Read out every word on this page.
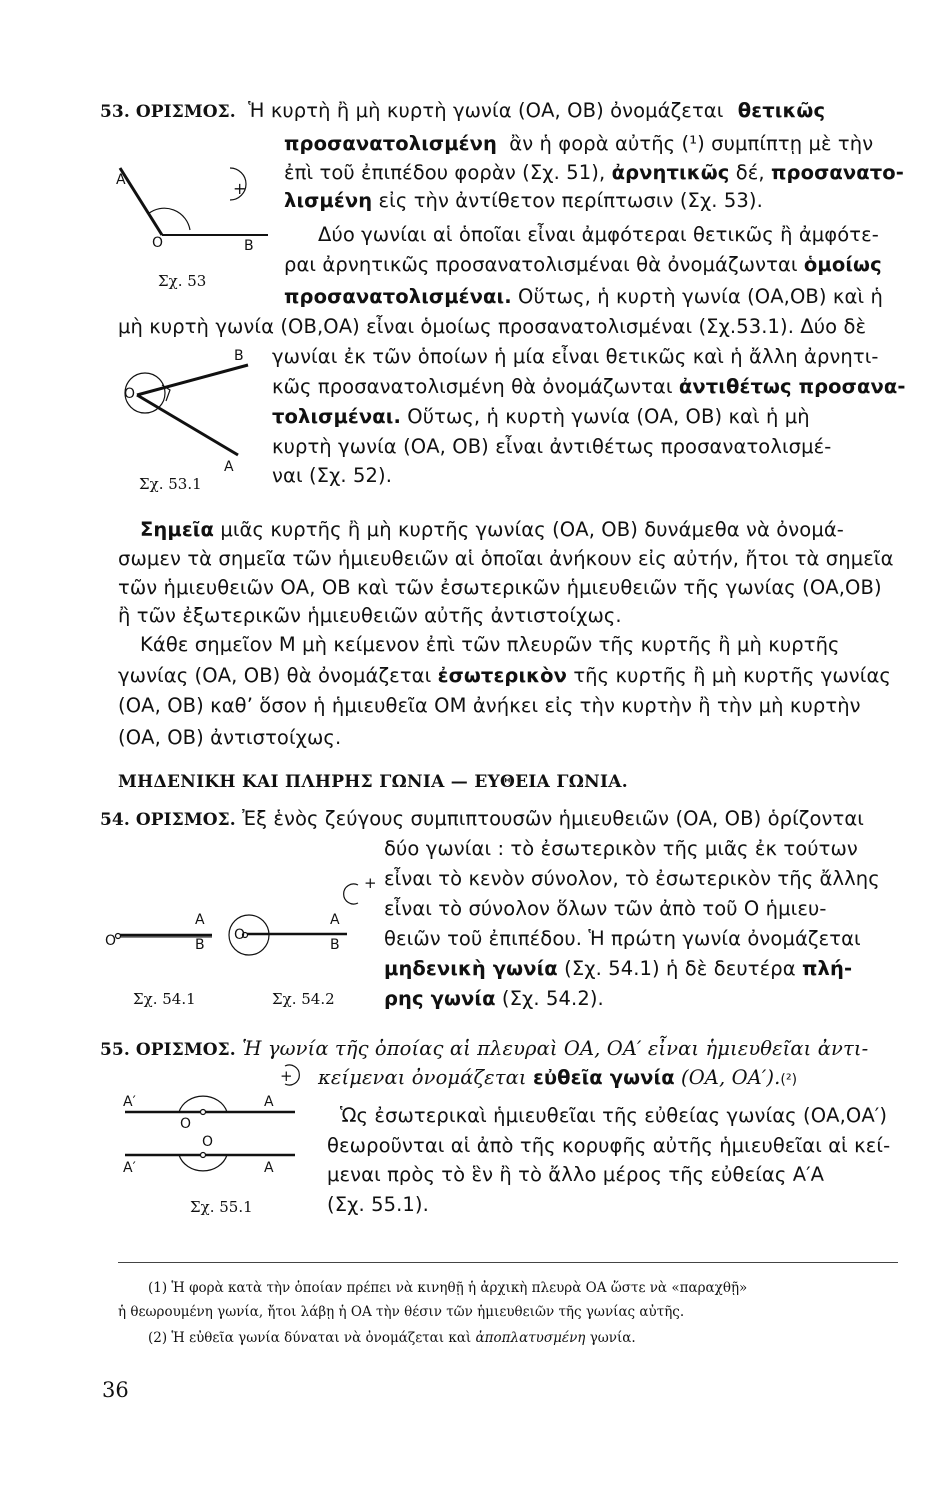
53. ΟΡΙΣΜΟΣ. Ἡ κυρτὴ ἢ μὴ κυρτὴ γωνία (ΟΑ, ΟΒ) ὀνομάζεται θετικῶς
προσανατολισμένη ἂν ἡ φορὰ αὐτῆς (¹) συμπίπτῃ μὲ τὴν
ἐπὶ τοῦ ἐπιπέδου φορὰν (Σχ. 51), ἀρνητικῶς δέ, προσανατο-
λισμένη εἰς τὴν ἀντίθετον περίπτωσιν (Σχ. 53).
Δύο γωνίαι αἱ ὁποῖαι εἶναι ἀμφότεραι θετικῶς ἢ ἀμφότε-
ραι ἀρνητικῶς προσανατολισμέναι θὰ ὀνομάζωνται ὁμοίως
προσανατολισμέναι. Οὕτως, ἡ κυρτὴ γωνία (ΟΑ,ΟΒ) καὶ ἡ
μὴ κυρτὴ γωνία (ΟΒ,ΟΑ) εἶναι ὁμοίως προσανατολισμέναι (Σχ.53.1). Δύο δὲ
γωνίαι ἐκ τῶν ὁποίων ἡ μία εἶναι θετικῶς καὶ ἡ ἄλλη ἀρνητι-
κῶς προσανατολισμένη θὰ ὀνομάζωνται ἀντιθέτως προσανα-
τολισμέναι. Οὕτως, ἡ κυρτὴ γωνία (ΟΑ, ΟΒ) καὶ ἡ μὴ
κυρτὴ γωνία (ΟΑ, ΟΒ) εἶναι ἀντιθέτως προσανατολισμέ-
ναι (Σχ. 52).
A
O	B
+
Σχ. 53
O
B
A
Σχ. 53.1
Σημεῖα μιᾶς κυρτῆς ἢ μὴ κυρτῆς γωνίας (ΟΑ, ΟΒ) δυνάμεθα νὰ ὀνομά-
σωμεν τὰ σημεῖα τῶν ἡμιευθειῶν αἱ ὁποῖαι ἀνήκουν εἰς αὐτήν, ἤτοι τὰ σημεῖα
τῶν ἡμιευθειῶν ΟΑ, ΟΒ καὶ τῶν ἐσωτερικῶν ἡμιευθειῶν τῆς γωνίας (ΟΑ,ΟΒ)
ἢ τῶν ἐξωτερικῶν ἡμιευθειῶν αὐτῆς ἀντιστοίχως.
Κάθε σημεῖον Μ μὴ κείμενον ἐπὶ τῶν πλευρῶν τῆς κυρτῆς ἢ μὴ κυρτῆς
γωνίας (ΟΑ, ΟΒ) θὰ ὀνομάζεται ἐσωτερικὸν τῆς κυρτῆς ἢ μὴ κυρτῆς γωνίας
(ΟΑ, ΟΒ) καθ’ ὅσον ἡ ἡμιευθεῖα ΟΜ ἀνήκει εἰς τὴν κυρτὴν ἢ τὴν μὴ κυρτὴν
(ΟΑ, ΟΒ) ἀντιστοίχως.
ΜΗΔΕΝΙΚΗ ΚΑΙ ΠΛΗΡΗΣ ΓΩΝΙΑ — ΕΥΘΕΙΑ ΓΩΝΙΑ.
54. ΟΡΙΣΜΟΣ. Ἐξ ἑνὸς ζεύγους συμπιπτουσῶν ἡμιευθειῶν (ΟΑ, ΟΒ) ὁρίζονται
δύο γωνίαι : τὸ ἐσωτερικὸν τῆς μιᾶς ἐκ τούτων
εἶναι τὸ κενὸν σύνολον, τὸ ἐσωτερικὸν τῆς ἄλλης
εἶναι τὸ σύνολον ὅλων τῶν ἀπὸ τοῦ Ο ἡμιευ-
θειῶν τοῦ ἐπιπέδου. Ἡ πρώτη γωνία ὀνομάζεται
μηδενικὴ γωνία (Σχ. 54.1) ἡ δὲ δευτέρα πλή-
ρης γωνία (Σχ. 54.2).
O
A
B
Σχ. 54.1
O
A
B
+
Σχ. 54.2
55. ΟΡΙΣΜΟΣ. Ἡ γωνία τῆς ὁποίας αἱ πλευραὶ ΟΑ, ΟΑ′ εἶναι ἡμιευθεῖαι ἀντι-
κείμεναι ὀνομάζεται εὐθεῖα γωνία (ΟΑ, ΟΑ′).(²)
Ὡς ἐσωτερικαὶ ἡμιευθεῖαι τῆς εὐθείας γωνίας (ΟΑ,ΟΑ′)
θεωροῦνται αἱ ἀπὸ τῆς κορυφῆς αὐτῆς ἡμιευθεῖαι αἱ κεί-
μεναι πρὸς τὸ ἓν ἢ τὸ ἄλλο μέρος τῆς εὐθείας Α′Α
(Σχ. 55.1).
A′	A
O
O
A′	A
+
Σχ. 55.1
(1) Ἡ φορὰ κατὰ τὴν ὁποίαν πρέπει νὰ κινηθῇ ἡ ἀρχικὴ πλευρὰ ΟΑ ὥστε νὰ «παραχθῇ»
ἡ θεωρουμένη γωνία, ἤτοι λάβῃ ἡ ΟΑ τὴν θέσιν τῶν ἡμιευθειῶν τῆς γωνίας αὐτῆς.
(2) Ἡ εὐθεῖα γωνία δύναται νὰ ὀνομάζεται καὶ ἀποπλατυσμένη γωνία.
36
